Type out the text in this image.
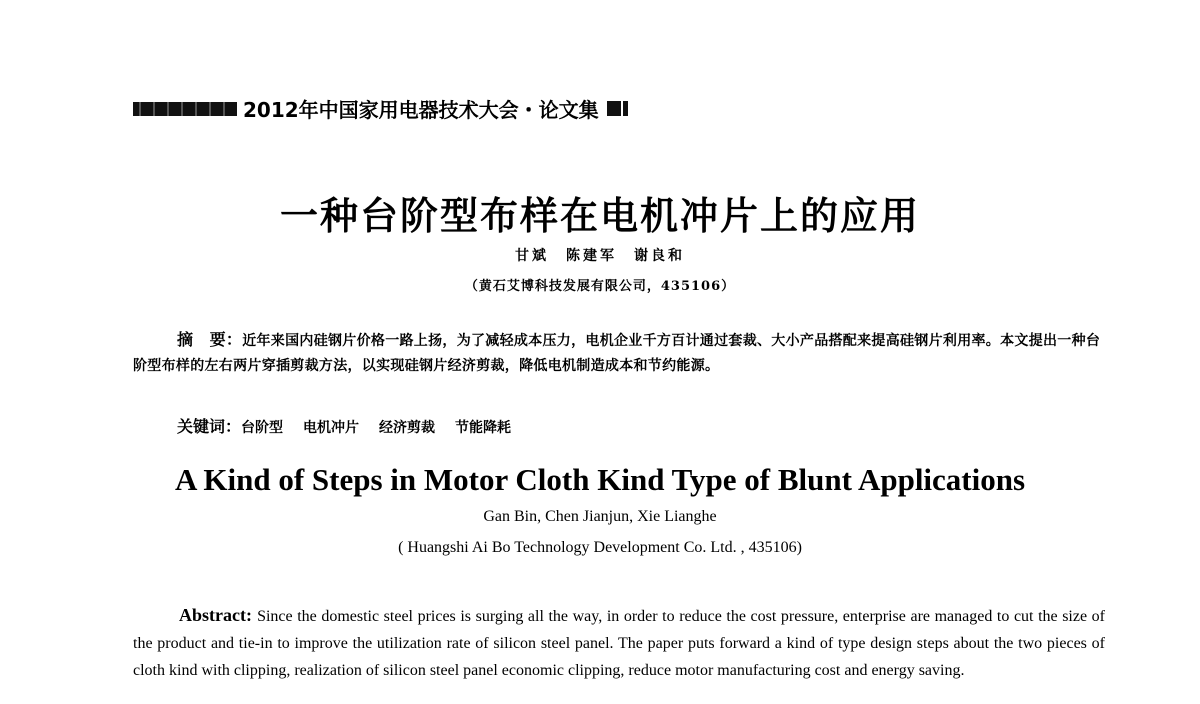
2012年中国家用电器技术大会・论文集
一种台阶型布样在电机冲片上的应用
甘斌　陈建军　谢良和
（黄石艾博科技发展有限公司，435106）
摘　要：近年来国内硅钢片价格一路上扬，为了减轻成本压力，电机企业千方百计通过套裁、大小产品搭配来提高硅钢片利用率。本文提出一种台阶型布样的左右两片穿插剪裁方法，以实现硅钢片经济剪裁，降低电机制造成本和节约能源。
关键词：台阶型 电机冲片 经济剪裁 节能降耗
A Kind of Steps in Motor Cloth Kind Type of Blunt Applications
Gan Bin, Chen Jianjun, Xie Lianghe
( Huangshi Ai Bo Technology Development Co. Ltd. , 435106)
Abstract: Since the domestic steel prices is surging all the way, in order to reduce the cost pressure, enterprise are managed to cut the size of the product and tie-in to improve the utilization rate of silicon steel panel. The paper puts forward a kind of type design steps about the two pieces of cloth kind with clipping, realization of silicon steel panel economic clipping, reduce motor manufacturing cost and energy saving.
